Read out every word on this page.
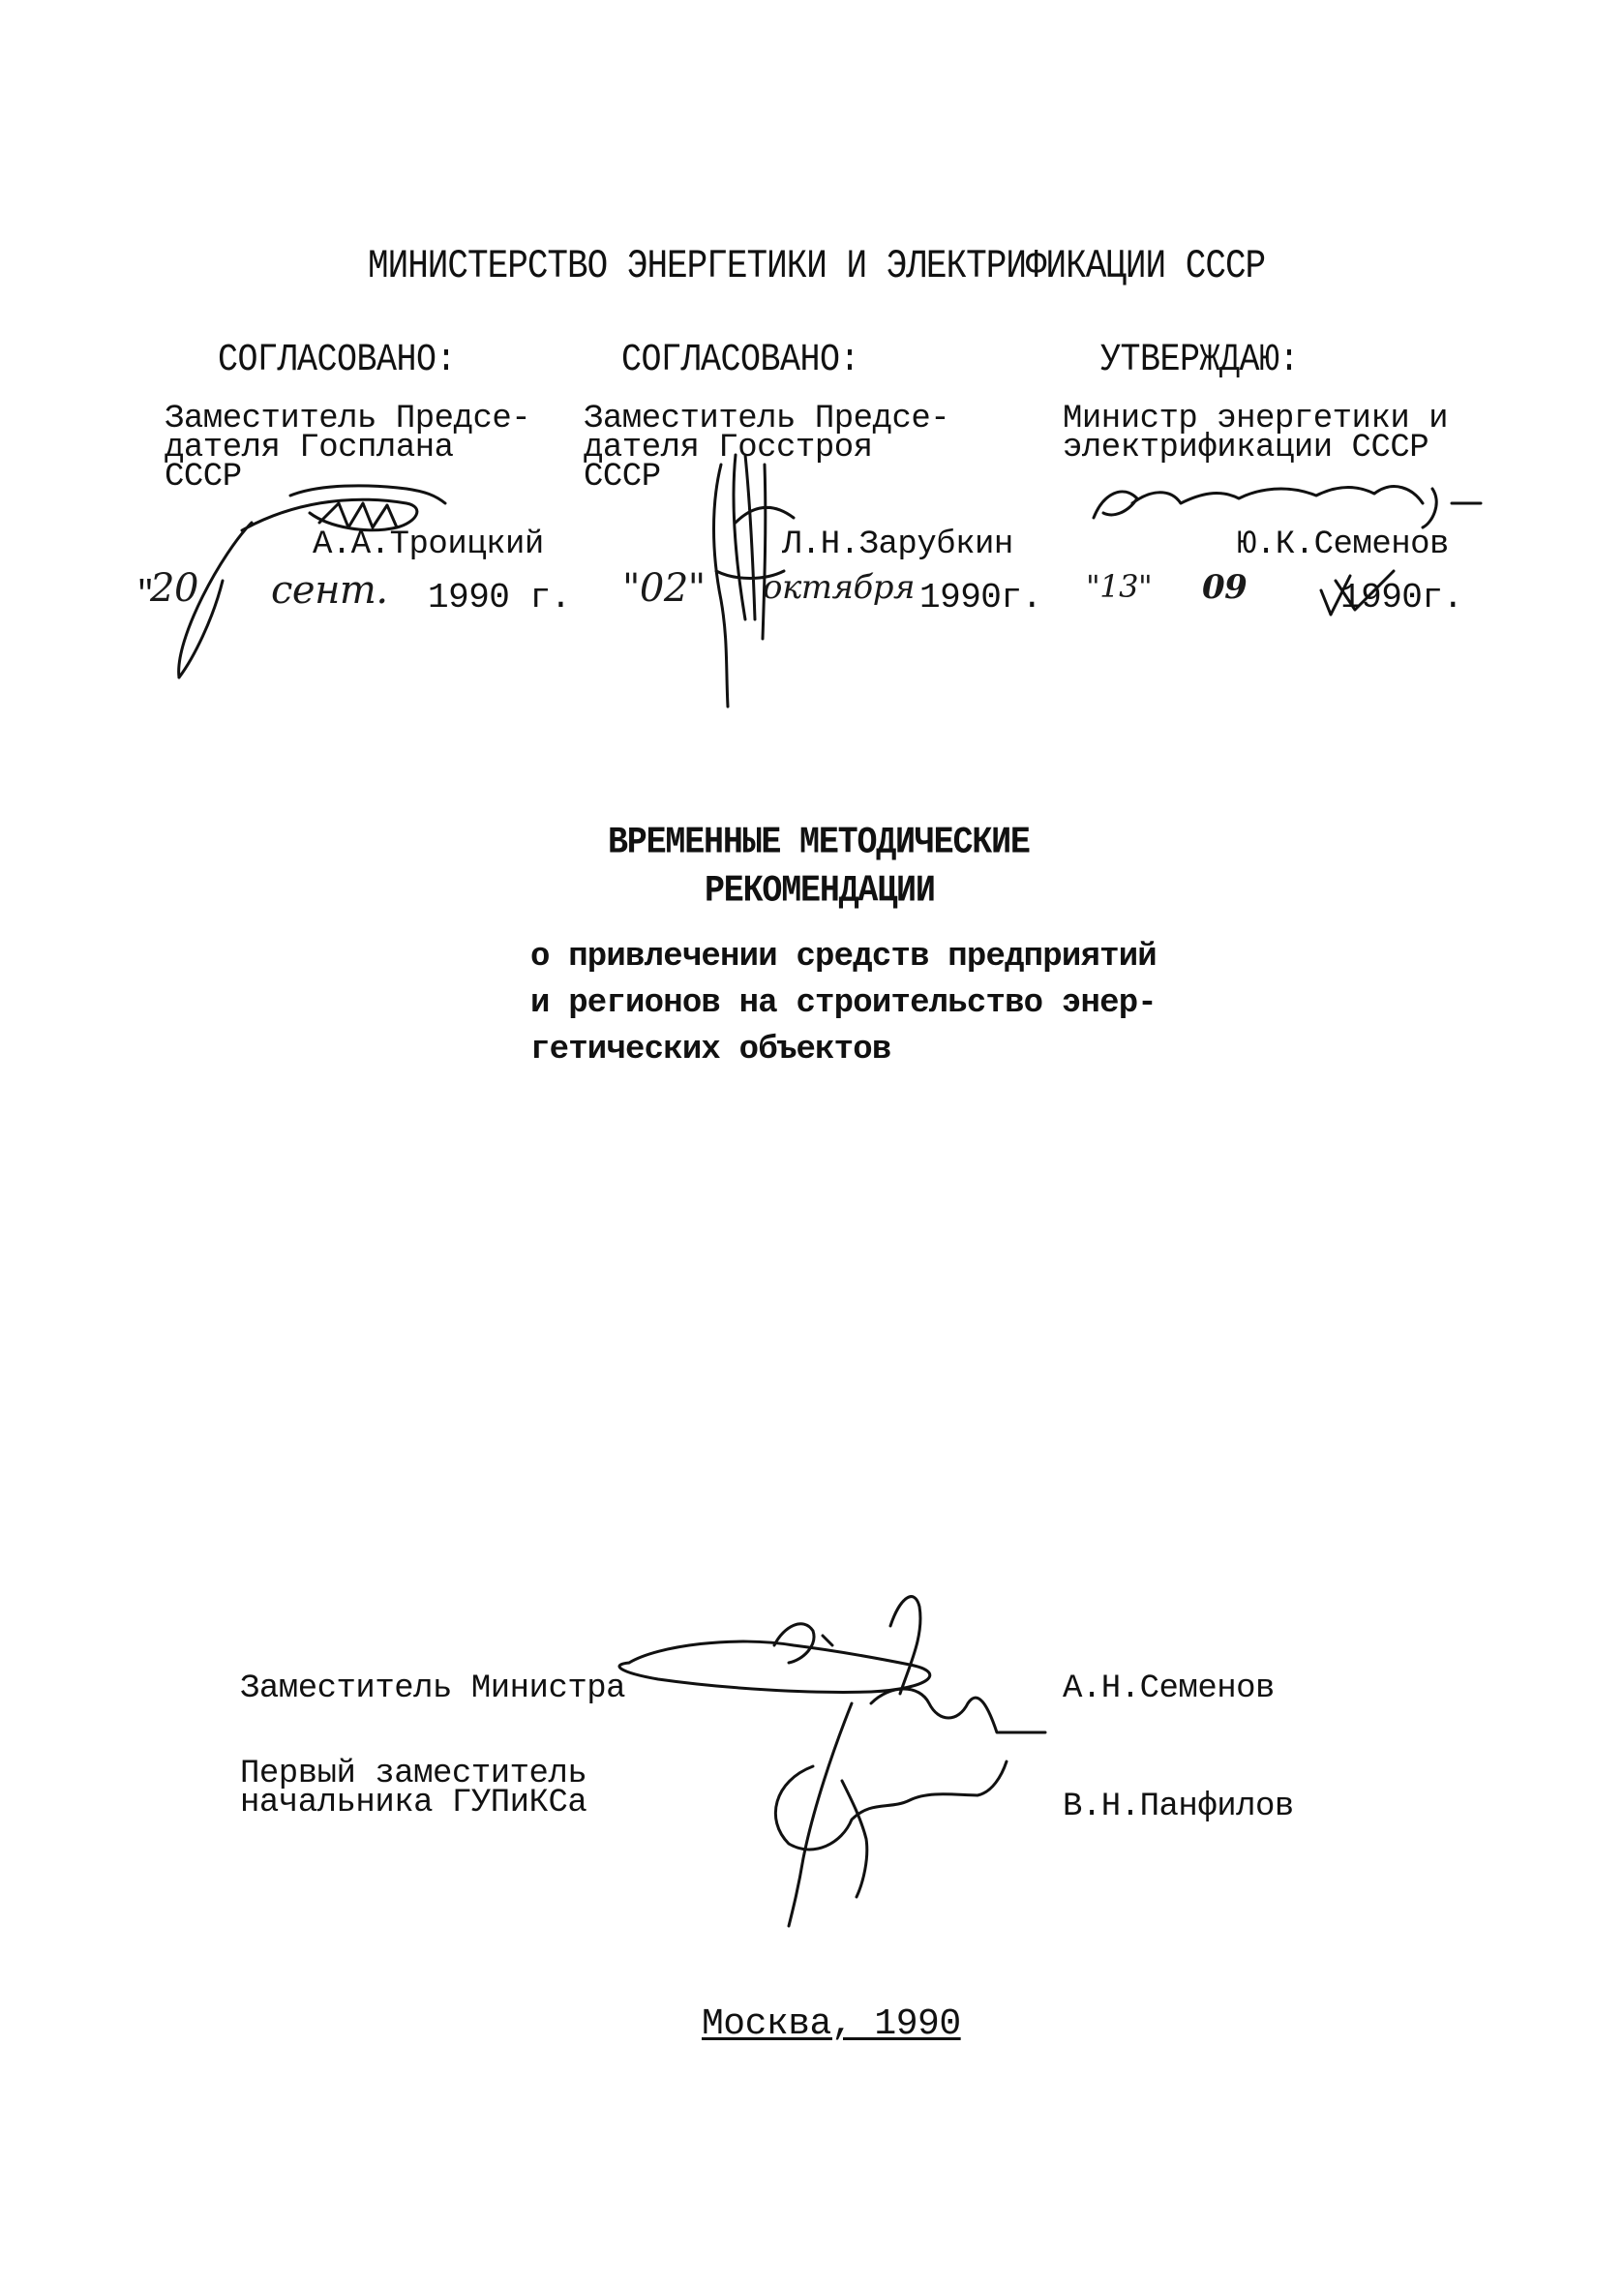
МИНИСТЕРСТВО ЭНЕРГЕТИКИ И ЭЛЕКТРИФИКАЦИИ СССР
СОГЛАСОВАНО:
Заместитель Предсе-
дателя Госплана
СССР
А.А.Троицкий
"
20 сент. 1990 г.
СОГЛАСОВАНО:
Заместитель Предсе-
дателя Госстроя
СССР
Л.Н.Зарубкин
"02" октября 1990г.
УТВЕРЖДАЮ:
Министр энергетики и
электрификации СССР
Ю.К.Семенов
"13" 09	1990г.
ВРЕМЕННЫЕ МЕТОДИЧЕСКИЕ
РЕКОМЕНДАЦИИ
о привлечении средств предприятий
и регионов на строительство энер-
гетических объектов
Заместитель Министра	А.Н.Семенов
Первый заместитель
начальника ГУПиКСа	В.Н.Панфилов
Москва, 1990
